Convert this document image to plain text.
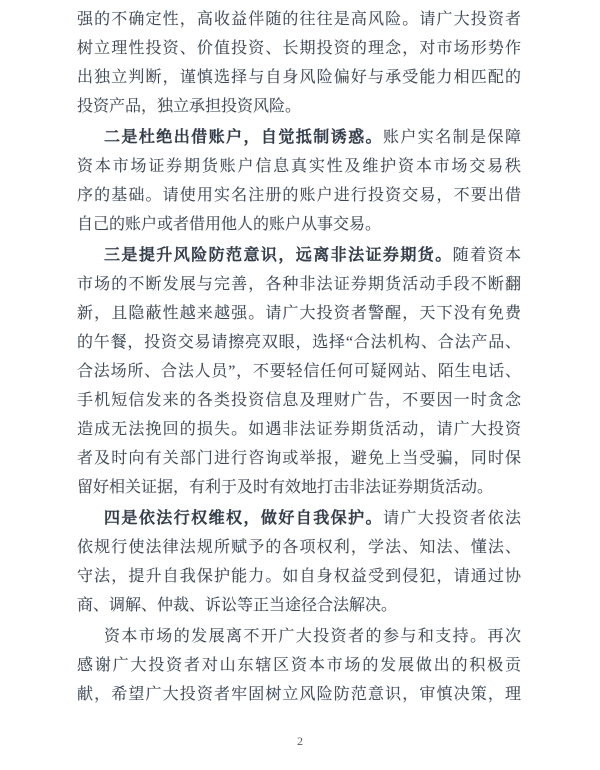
强的不确定性，高收益伴随的往往是高风险。请广大投资者
树立理性投资、价值投资、长期投资的理念，对市场形势作
出独立判断，谨慎选择与自身风险偏好与承受能力相匹配的
投资产品，独立承担投资风险。
二是杜绝出借账户，自觉抵制诱惑。账户实名制是保障
资本市场证券期货账户信息真实性及维护资本市场交易秩
序的基础。请使用实名注册的账户进行投资交易，不要出借
自己的账户或者借用他人的账户从事交易。
三是提升风险防范意识，远离非法证券期货。随着资本
市场的不断发展与完善，各种非法证券期货活动手段不断翻
新，且隐蔽性越来越强。请广大投资者警醒，天下没有免费
的午餐，投资交易请擦亮双眼，选择“合法机构、合法产品、
合法场所、合法人员”，不要轻信任何可疑网站、陌生电话、
手机短信发来的各类投资信息及理财广告，不要因一时贪念
造成无法挽回的损失。如遇非法证券期货活动，请广大投资
者及时向有关部门进行咨询或举报，避免上当受骗，同时保
留好相关证据，有利于及时有效地打击非法证券期货活动。
四是依法行权维权，做好自我保护。请广大投资者依法
依规行使法律法规所赋予的各项权利，学法、知法、懂法、
守法，提升自我保护能力。如自身权益受到侵犯，请通过协
商、调解、仲裁、诉讼等正当途径合法解决。
资本市场的发展离不开广大投资者的参与和支持。再次
感谢广大投资者对山东辖区资本市场的发展做出的积极贡
献，希望广大投资者牢固树立风险防范意识，审慎决策，理
2
